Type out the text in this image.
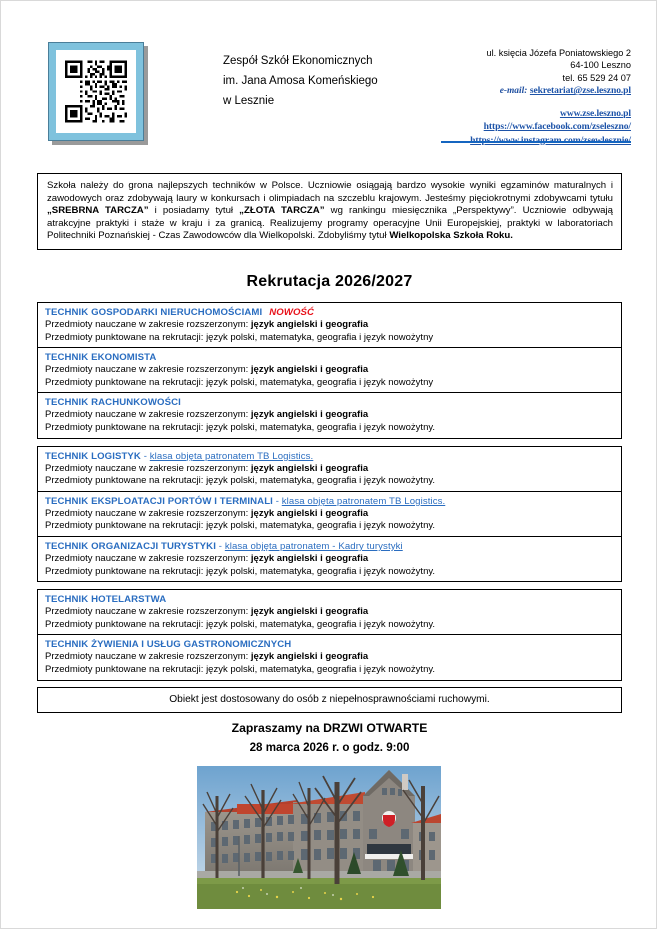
Zespół Szkół Ekonomicznych
im. Jana Amosa Komeńskiego
w Lesznie
ul. księcia Józefa Poniatowskiego 2
64-100 Leszno
tel. 65 529 24 07
e-mail: sekretariat@zse.leszno.pl
www.zse.leszno.pl
https://www.facebook.com/zseleszno/
Szkoła należy do grona najlepszych techników w Polsce. Uczniowie osiągają bardzo wysokie wyniki egzaminów maturalnych i zawodowych oraz zdobywają laury w konkursach i olimpiadach na szczeblu krajowym. Jesteśmy pięciokrotnymi zdobywcami tytułu „SREBRNA TARCZA” i posiadamy tytuł „ZŁOTA TARCZA” wg rankingu miesięcznika „Perspektywy”. Uczniowie odbywają atrakcyjne praktyki i staże w kraju i za granicą. Realizujemy programy operacyjne Unii Europejskiej, praktyki w laboratoriach Politechniki Poznańskiej - Czas Zawodowców dla Wielkopolski. Zdobyliśmy tytuł Wielkopolska Szkoła Roku.
Rekrutacja 2026/2027
TECHNIK GOSPODARKI NIERUCHOMOŚCIAMI NOWOŚĆ
Przedmioty nauczane w zakresie rozszerzonym: język angielski i geografia
Przedmioty punktowane na rekrutacji: język polski, matematyka, geografia i język nowożytny
TECHNIK EKONOMISTA
Przedmioty nauczane w zakresie rozszerzonym: język angielski i geografia
Przedmioty punktowane na rekrutacji: język polski, matematyka, geografia i język nowożytny
TECHNIK RACHUNKOWOŚCI
Przedmioty nauczane w zakresie rozszerzonym: język angielski i geografia
Przedmioty punktowane na rekrutacji: język polski, matematyka, geografia i język nowożytny.
TECHNIK LOGISTYK - klasa objęta patronatem TB Logistics.
Przedmioty nauczane w zakresie rozszerzonym: język angielski i geografia
Przedmioty punktowane na rekrutacji: język polski, matematyka, geografia i język nowożytny.
TECHNIK EKSPLOATACJI PORTÓW I TERMINALI - klasa objęta patronatem TB Logistics.
Przedmioty nauczane w zakresie rozszerzonym: język angielski i geografia
Przedmioty punktowane na rekrutacji: język polski, matematyka, geografia i język nowożytny.
TECHNIK ORGANIZACJI TURYSTYKI - klasa objęta patronatem - Kadry turystyki
Przedmioty nauczane w zakresie rozszerzonym: język angielski i geografia
Przedmioty punktowane na rekrutacji: język polski, matematyka, geografia i język nowożytny.
TECHNIK HOTELARSTWA
Przedmioty nauczane w zakresie rozszerzonym: język angielski i geografia
Przedmioty punktowane na rekrutacji: język polski, matematyka, geografia i język nowożytny.
TECHNIK ŻYWIENIA I USŁUG GASTRONOMICZNYCH
Przedmioty nauczane w zakresie rozszerzonym: język angielski i geografia
Przedmioty punktowane na rekrutacji: język polski, matematyka, geografia i język nowożytny.
Obiekt jest dostosowany do osób z niepełnosprawnościami ruchowymi.
Zapraszamy na DRZWI OTWARTE
28 marca 2026 r. o godz. 9:00
